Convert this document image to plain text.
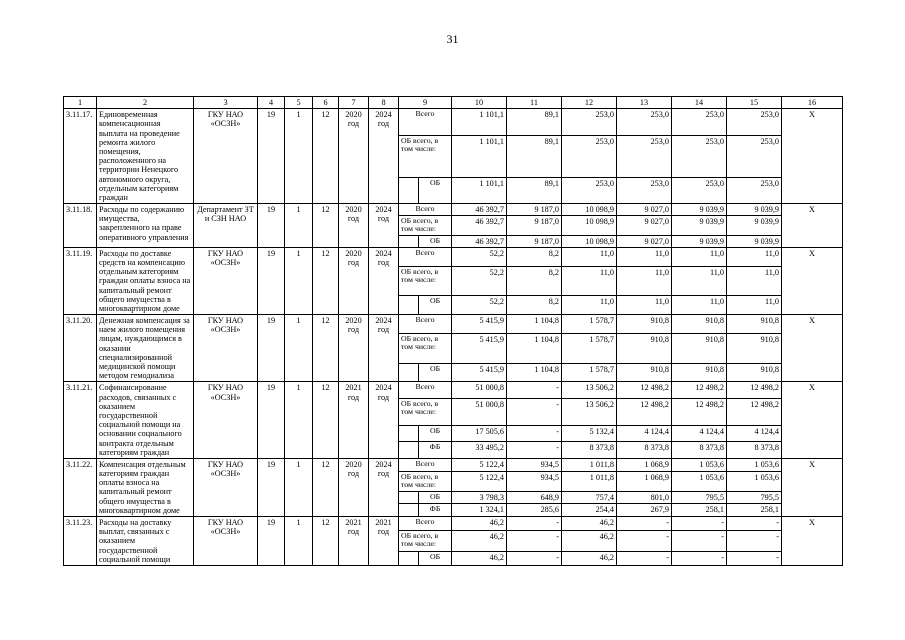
31
1	2	3	4	5	6	7	8	9		10	11	12	13	14	15	16
3.11.17.	Единовременная компенсационная выплата на проведение ремонта жилого помещения, расположенного на территории Ненецкого автономного округа, отдельным категориям граждан	ГКУ НАО «ОСЗН»	19	1	12	2020 год	2024 год	Всего		1 101,1	89,1	253,0	253,0	253,0	253,0	X
								ОБ всего, в том числе:		1 101,1	89,1	253,0	253,0	253,0	253,0	
									ОБ	1 101,1	89,1	253,0	253,0	253,0	253,0	
3.11.18.	Расходы по содержанию имущества, закрепленного на праве оперативного управления	Департамент ЗТ и СЗН НАО	19	1	12	2020 год	2024 год	Всего		46 392,7	9 187,0	10 098,9	9 027,0	9 039,9	9 039,9	X
								ОБ всего, в том числе:		46 392,7	9 187,0	10 098,9	9 027,0	9 039,9	9 039,9	
									ОБ	46 392,7	9 187,0	10 098,9	9 027,0	9 039,9	9 039,9	
3.11.19.	Расходы по доставке средств на компенсацию отдельным категориям граждан оплаты взноса на капитальный ремонт общего имущества в многоквартирном доме	ГКУ НАО «ОСЗН»	19	1	12	2020 год	2024 год	Всего		52,2	8,2	11,0	11,0	11,0	11,0	X
								ОБ всего, в том числе:		52,2	8,2	11,0	11,0	11,0	11,0	
									ОБ	52,2	8,2	11,0	11,0	11,0	11,0	
3.11.20.	Денежная компенсация за наем жилого помещения лицам, нуждающимся в оказании специализированной медицинской помощи методом гемодиализа	ГКУ НАО «ОСЗН»	19	1	12	2020 год	2024 год	Всего		5 415,9	1 104,8	1 578,7	910,8	910,8	910,8	X
								ОБ всего, в том числе:		5 415,9	1 104,8	1 578,7	910,8	910,8	910,8	
									ОБ	5 415,9	1 104,8	1 578,7	910,8	910,8	910,8	
3.11.21.	Софинансирование расходов, связанных с оказанием государственной социальной помощи на основании социального контракта отдельным категориям граждан	ГКУ НАО «ОСЗН»	19	1	12	2021 год	2024 год	Всего		51 000,8	-	13 506,2	12 498,2	12 498,2	12 498,2	X
								ОБ всего, в том числе:		51 000,8	-	13 506,2	12 498,2	12 498,2	12 498,2	
									ОБ	17 505,6	-	5 132,4	4 124,4	4 124,4	4 124,4	
									ФБ	33 495,2	-	8 373,8	8 373,8	8 373,8	8 373,8	
3.11.22.	Компенсация отдельным категориям граждан оплаты взноса на капитальный ремонт общего имущества в многоквартирном доме	ГКУ НАО «ОСЗН»	19	1	12	2020 год	2024 год	Всего		5 122,4	934,5	1 011,8	1 068,9	1 053,6	1 053,6	X
								ОБ всего, в том числе:		5 122,4	934,5	1 011,8	1 068,9	1 053,6	1 053,6	
									ОБ	3 798,3	648,9	757,4	801,0	795,5	795,5	
									ФБ	1 324,1	285,6	254,4	267,9	258,1	258,1	
3.11.23.	Расходы на доставку выплат, связанных с оказанием государственной социальной помощи	ГКУ НАО «ОСЗН»	19	1	12	2021 год	2021 год	Всего		46,2	-	46,2	-	-	-	X
								ОБ всего, в том числе:		46,2	-	46,2	-	-	-	
									ОБ	46,2	-	46,2	-	-	-	
